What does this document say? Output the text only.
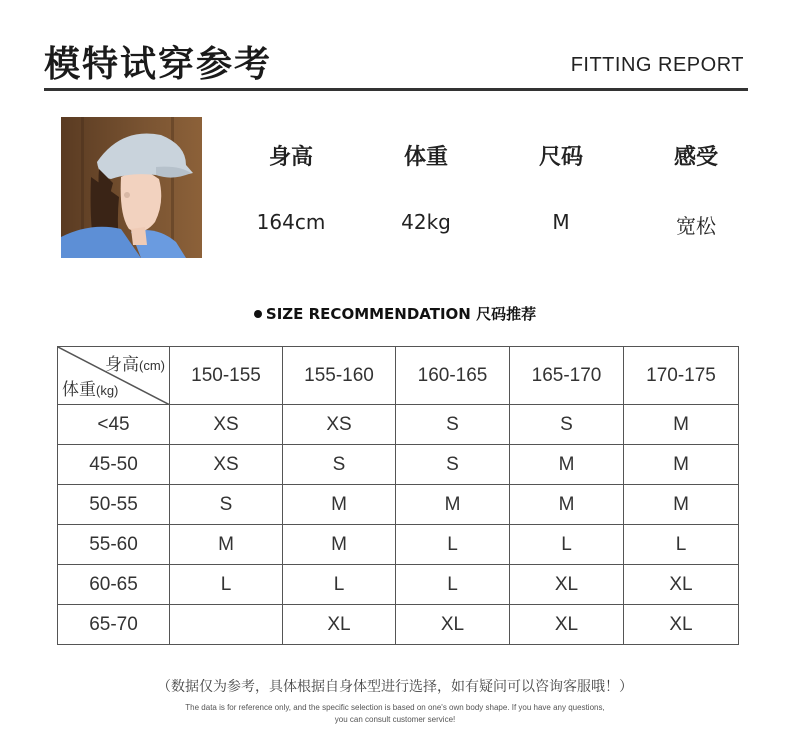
模特试穿参考	FITTING REPORT
身高	体重	尺码	感受
164cm	42kg	M	宽松
SIZE RECOMMENDATION 尺码推荐
身高(cm)
体重(kg)	150-155	155-160	160-165	165-170	170-175
<45	XS	XS	S	S	M
45-50	XS	S	S	M	M
50-55	S	M	M	M	M
55-60	M	M	L	L	L
60-65	L	L	L	XL	XL
65-70		XL	XL	XL	XL
（数据仅为参考，具体根据自身体型进行选择，如有疑问可以咨询客服哦！）
The data is for reference only, and the specific selection is based on one's own body shape. If you have any questions,
you can consult customer service!
